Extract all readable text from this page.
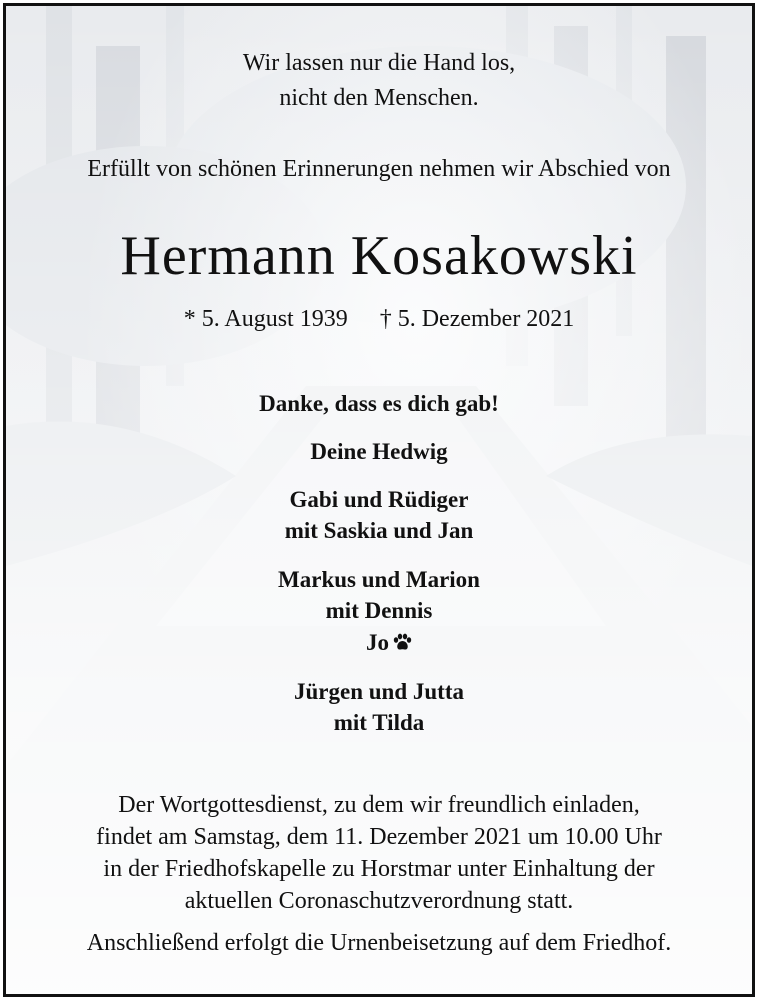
Wir lassen nur die Hand los,
nicht den Menschen.
Erfüllt von schönen Erinnerungen nehmen wir Abschied von
Hermann Kosakowski
* 5. August 1939 † 5. Dezember 2021
Danke, dass es dich gab!
Deine Hedwig
Gabi und Rüdiger
mit Saskia und Jan
Markus und Marion
mit Dennis
Jo
Jürgen und Jutta
mit Tilda
Der Wortgottesdienst, zu dem wir freundlich einladen,
findet am Samstag, dem 11. Dezember 2021 um 10.00 Uhr
in der Friedhofskapelle zu Horstmar unter Einhaltung der
aktuellen Coronaschutzverordnung statt.
Anschließend erfolgt die Urnenbeisetzung auf dem Friedhof.
